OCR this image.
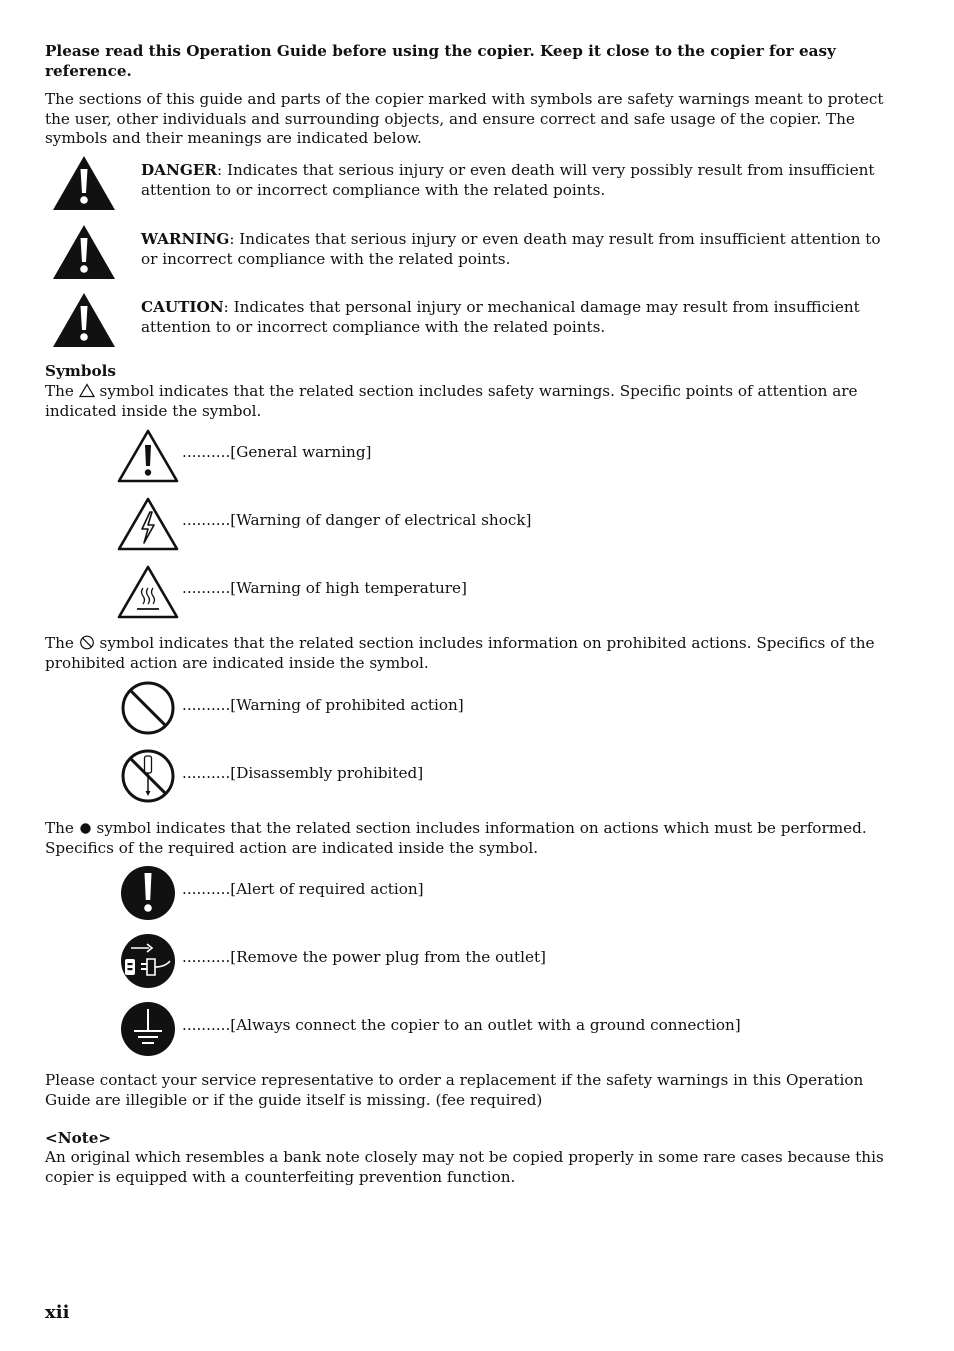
Please read this Operation Guide before using the copier. Keep it close to the copier for easy reference.
The sections of this guide and parts of the copier marked with symbols are safety warnings meant to protect the user, other individuals and surrounding objects, and ensure correct and safe usage of the copier. The symbols and their meanings are indicated below.
DANGER: Indicates that serious injury or even death will very possibly result from insufficient attention to or incorrect compliance with the related points.
WARNING: Indicates that serious injury or even death may result from insufficient attention to or incorrect compliance with the related points.
CAUTION: Indicates that personal injury or mechanical damage may result from insufficient attention to or incorrect compliance with the related points.
Symbols
The
symbol indicates that the related section includes safety warnings. Specific points of attention are indicated inside the symbol.
..........[General warning]
..........[Warning of danger of electrical shock]
..........[Warning of high temperature]
The
symbol indicates that the related section includes information on prohibited actions. Specifics of the prohibited action are indicated inside the symbol.
..........[Warning of prohibited action]
..........[Disassembly prohibited]
The
symbol indicates that the related section includes information on actions which must be performed. Specifics of the required action are indicated inside the symbol.
..........[Alert of required action]
..........[Remove the power plug from the outlet]
..........[Always connect the copier to an outlet with a ground connection]
Please contact your service representative to order a replacement if the safety warnings in this Operation Guide are illegible or if the guide itself is missing. (fee required)
<Note>
An original which resembles a bank note closely may not be copied properly in some rare cases because this copier is equipped with a counterfeiting prevention function.
xii
